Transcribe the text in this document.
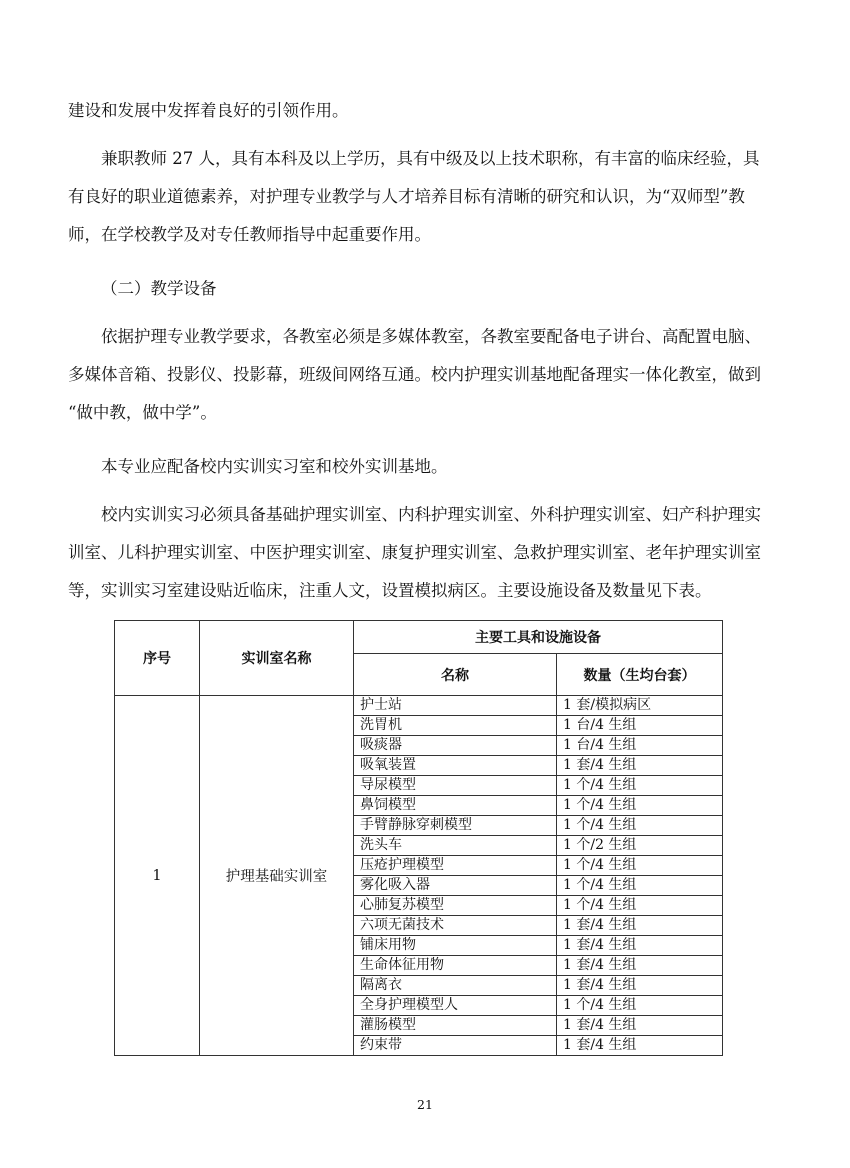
建设和发展中发挥着良好的引领作用。

兼职教师 27 人，具有本科及以上学历，具有中级及以上技术职称，有丰富的临床经验，具
有良好的职业道德素养，对护理专业教学与人才培养目标有清晰的研究和认识，为“双师型”教
师，在学校教学及对专任教师指导中起重要作用。

（二）教学设备

依据护理专业教学要求，各教室必须是多媒体教室，各教室要配备电子讲台、高配置电脑、
多媒体音箱、投影仪、投影幕，班级间网络互通。校内护理实训基地配备理实一体化教室，做到
“做中教，做中学”。

本专业应配备校内实训实习室和校外实训基地。

校内实训实习必须具备基础护理实训室、内科护理实训室、外科护理实训室、妇产科护理实
训室、儿科护理实训室、中医护理实训室、康复护理实训室、急救护理实训室、老年护理实训室
等，实训实习室建设贴近临床，注重人文，设置模拟病区。主要设施设备及数量见下表。

序号	实训室名称	主要工具和设施设备	
		名称	数量（生均台套）
1	护理基础实训室	护士站	1 套/模拟病区
		洗胃机	1 台/4 生组
		吸痰器	1 台/4 生组
		吸氧装置	1 套/4 生组
		导尿模型	1 个/4 生组
		鼻饲模型	1 个/4 生组
		手臂静脉穿刺模型	1 个/4 生组
		洗头车	1 个/2 生组
		压疮护理模型	1 个/4 生组
		雾化吸入器	1 个/4 生组
		心肺复苏模型	1 个/4 生组
		六项无菌技术	1 套/4 生组
		铺床用物	1 套/4 生组
		生命体征用物	1 套/4 生组
		隔离衣	1 套/4 生组
		全身护理模型人	1 个/4 生组
		灌肠模型	1 套/4 生组
		约束带	1 套/4 生组
21
